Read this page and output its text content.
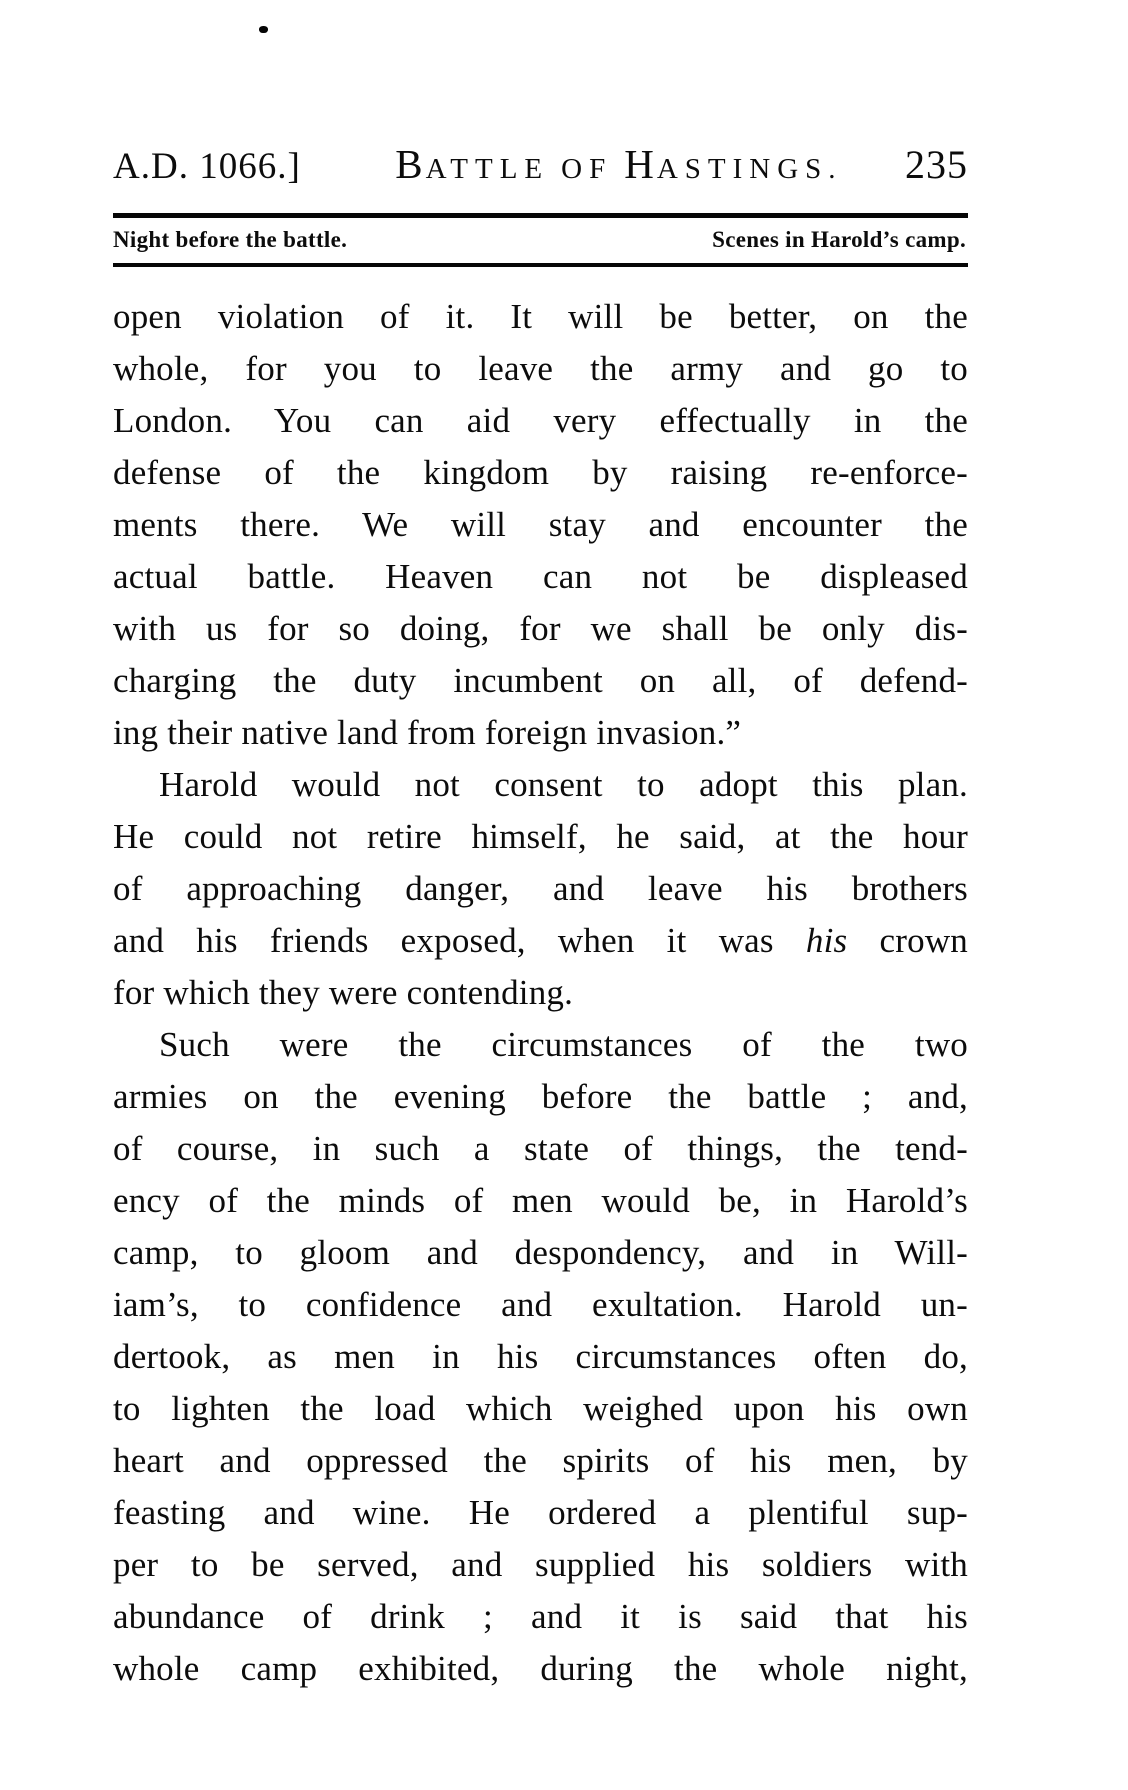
A.D. 1066.] BATTLE OF HASTINGS. 235
Night before the battle.	Scenes in Harold’s camp.
open violation of it. It will be better, on the
whole, for you to leave the army and go to
London. You can aid very effectually in the
defense of the kingdom by raising re-enforce-
ments there. We will stay and encounter the
actual battle. Heaven can not be displeased
with us for so doing, for we shall be only dis-
charging the duty incumbent on all, of defend-
ing their native land from foreign invasion.”
Harold would not consent to adopt this plan.
He could not retire himself, he said, at the hour
of approaching danger, and leave his brothers
and his friends exposed, when it was his crown
for which they were contending.
Such were the circumstances of the two
armies on the evening before the battle ; and,
of course, in such a state of things, the tend-
ency of the minds of men would be, in Harold’s
camp, to gloom and despondency, and in Will-
iam’s, to confidence and exultation. Harold un-
dertook, as men in his circumstances often do,
to lighten the load which weighed upon his own
heart and oppressed the spirits of his men, by
feasting and wine. He ordered a plentiful sup-
per to be served, and supplied his soldiers with
abundance of drink ; and it is said that his
whole camp exhibited, during the whole night,
